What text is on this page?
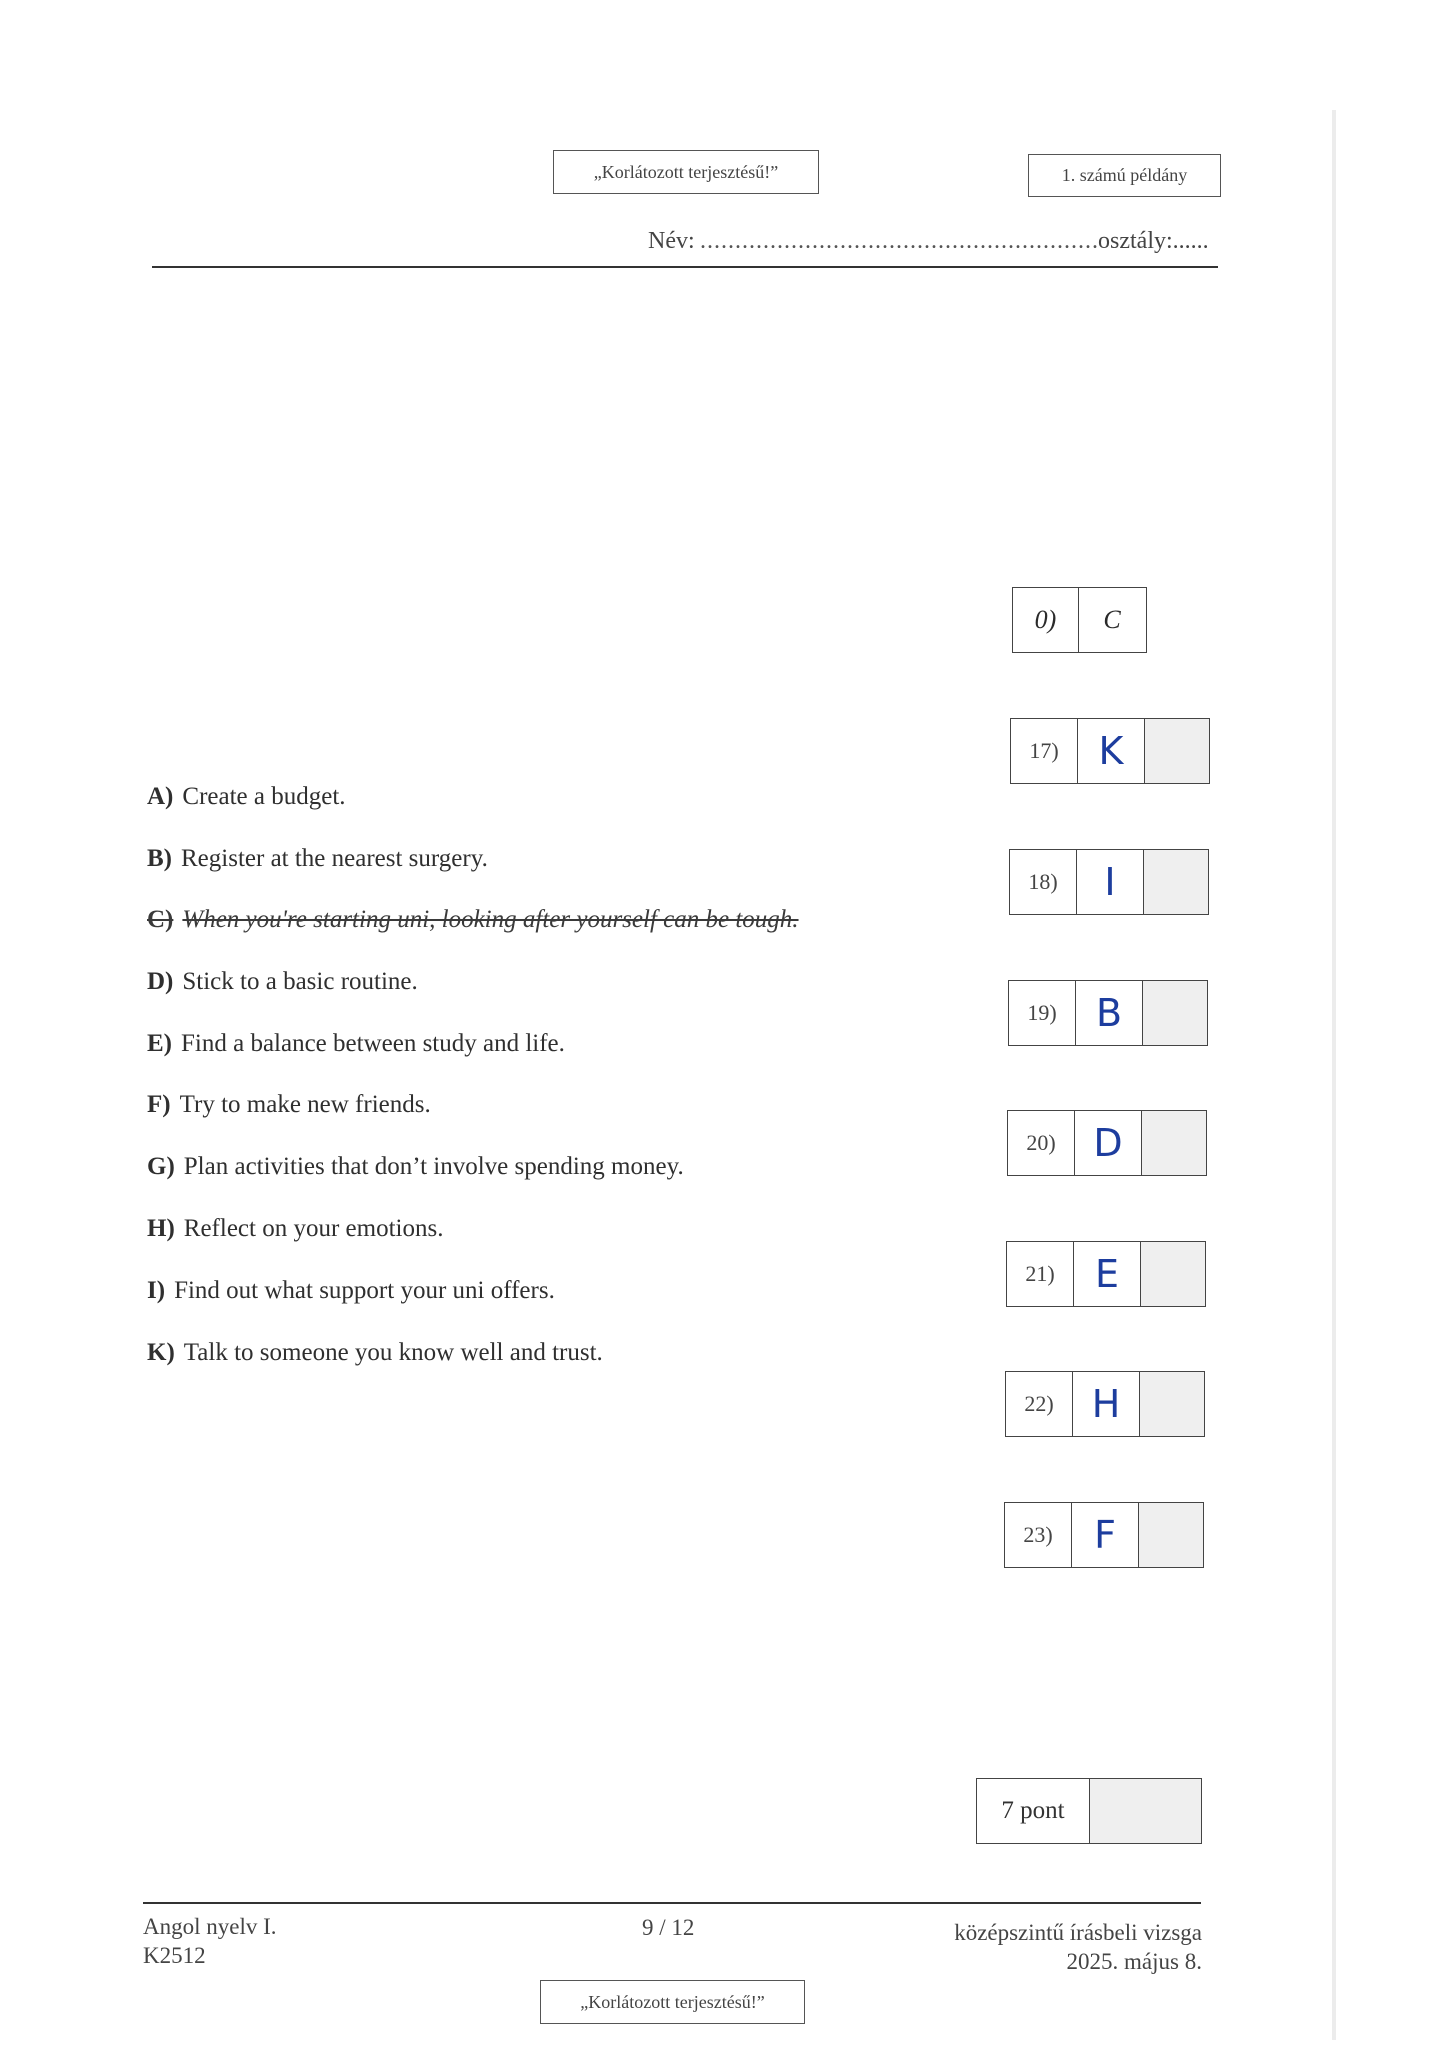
„Korlátozott terjesztésű!”	1. számú példány
Név: ......................................................... osztály:......
0)	C
A) Create a budget.
B) Register at the nearest surgery.
C) When you're starting uni, looking after yourself can be tough.
D) Stick to a basic routine.
E) Find a balance between study and life.
F) Try to make new friends.
G) Plan activities that don’t involve spending money.
H) Reflect on your emotions.
I) Find out what support your uni offers.
K) Talk to someone you know well and trust.
17)	K
18)	I
19)	B
20) D
21)	E
22)	H
23)	F
7 pont
Angol nyelv I.
K2512
9 / 12	középszintű írásbeli vizsga
2025. május 8.
„Korlátozott terjesztésű!”
